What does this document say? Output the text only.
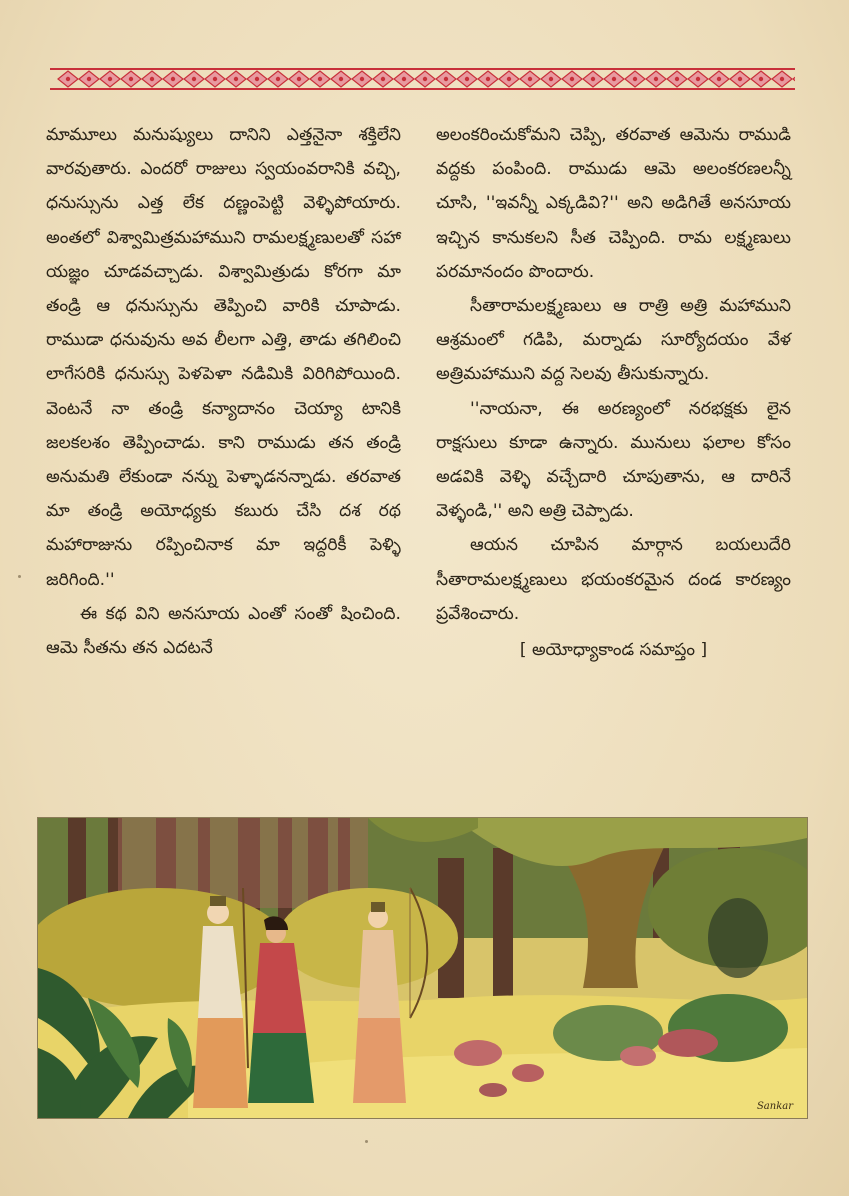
మామూలు మనుష్యులు దానిని ఎత్తనైనా శక్తిలేని వారవుతారు. ఎందరో రాజులు స్వయంవరానికి వచ్చి, ధనుస్సును ఎత్త లేక దణ్ణంపెట్టి వెళ్ళిపోయారు. అంతలో విశ్వామిత్రమహాముని రామలక్ష్మణులతో సహా యజ్ఞం చూడవచ్చాడు. విశ్వామిత్రుడు కోరగా మా తండ్రి ఆ ధనుస్సును తెప్పించి వారికి చూపాడు. రాముడా ధనువును అవ లీలగా ఎత్తి, తాడు తగిలించి లాగేసరికి ధనుస్సు పెళపెళా నడిమికి విరిగిపోయింది. వెంటనే నా తండ్రి కన్యాదానం చెయ్యా టానికి జలకలశం తెప్పించాడు. కాని రాముడు తన తండ్రి అనుమతి లేకుండా నన్ను పెళ్ళాడనన్నాడు. తరవాత మా తండ్రి అయోధ్యకు కబురు చేసి దశ రథ మహారాజును రప్పించినాక మా ఇద్దరికీ పెళ్ళి జరిగింది.''

ఈ కథ విని అనసూయ ఎంతో సంతో షించింది. ఆమె సీతను తన ఎదటనే

అలంకరించుకోమని చెప్పి, తరవాత ఆమెను రాముడి వద్దకు పంపింది. రాముడు ఆమె అలంకరణలన్నీ చూసి, ''ఇవన్నీ ఎక్కడివి?'' అని అడిగితే అనసూయ ఇచ్చిన కానుకలని సీత చెప్పింది. రామ లక్ష్మణులు పరమానందం పొందారు.

సీతారామలక్ష్మణులు ఆ రాత్రి అత్రి మహాముని ఆశ్రమంలో గడిపి, మర్నాడు సూర్యోదయం వేళ అత్రిమహాముని వద్ద సెలవు తీసుకున్నారు.

''నాయనా, ఈ అరణ్యంలో నరభక్షకు లైన రాక్షసులు కూడా ఉన్నారు. మునులు ఫలాల కోసం అడవికి వెళ్ళి వచ్చేదారి చూపుతాను, ఆ దారినే వెళ్ళండి,'' అని అత్రి చెప్పాడు.

ఆయన చూపిన మార్గాన బయలుదేరి సీతారామలక్ష్మణులు భయంకరమైన దండ కారణ్యం ప్రవేశించారు.

[ అయోధ్యాకాండ సమాప్తం ]
Sankar
